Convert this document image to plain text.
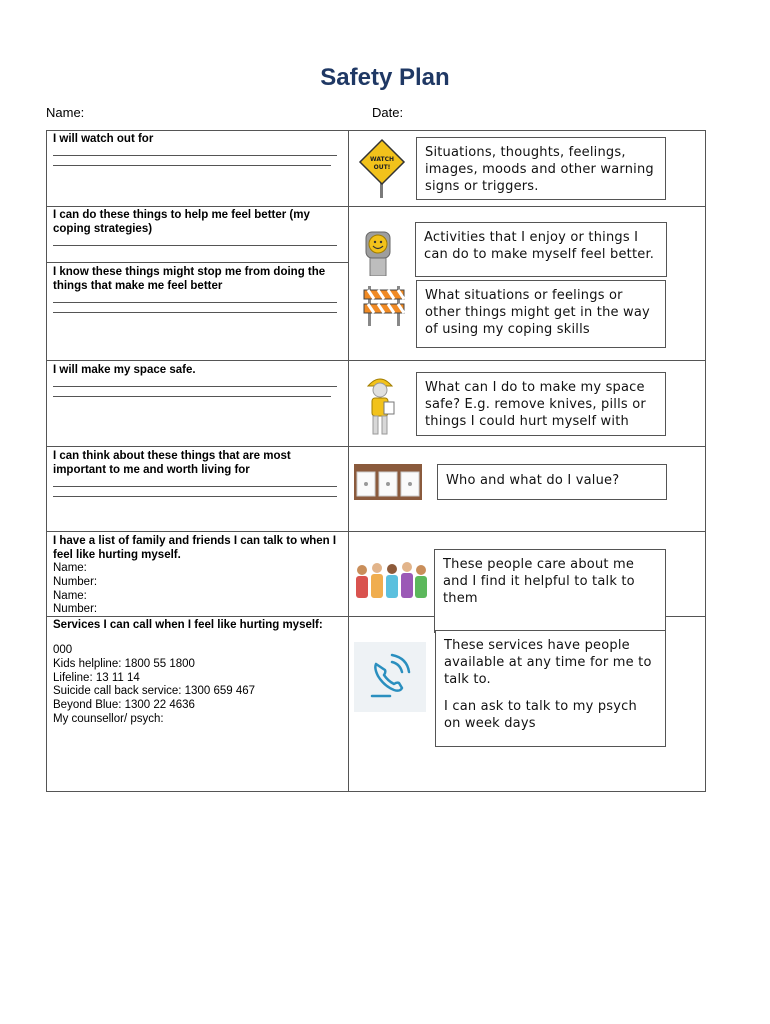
Safety Plan
Name:	Date:
I will watch out for
I can do these things to help me feel better (my coping strategies)
I know these things might stop me from doing the things that make me feel better
I will make my space safe.
I can think about these things that are most important to me and worth living for
I have a list of family and friends I can talk to when I feel like hurting myself.
Name:
Number:
Name:
Number:
Services I can call when I feel like hurting myself:
000
Kids helpline: 1800 55 1800
Lifeline: 13 11 14
Suicide call back service: 1300 659 467
Beyond Blue: 1300 22 4636
My counsellor/ psych:
WATCH
OUT!
Situations, thoughts, feelings, images, moods and other warning signs or triggers.
Activities that I enjoy or things I can do to make myself feel better.
What situations or feelings or other things might get in the way of using my coping skills
What can I do to make my space safe? E.g. remove knives, pills or things I could hurt myself with
Who and what do I value?
These people care about me and I find it helpful to talk to them
These services have people available at any time for me to talk to.
I can ask to talk to my psych on week days
